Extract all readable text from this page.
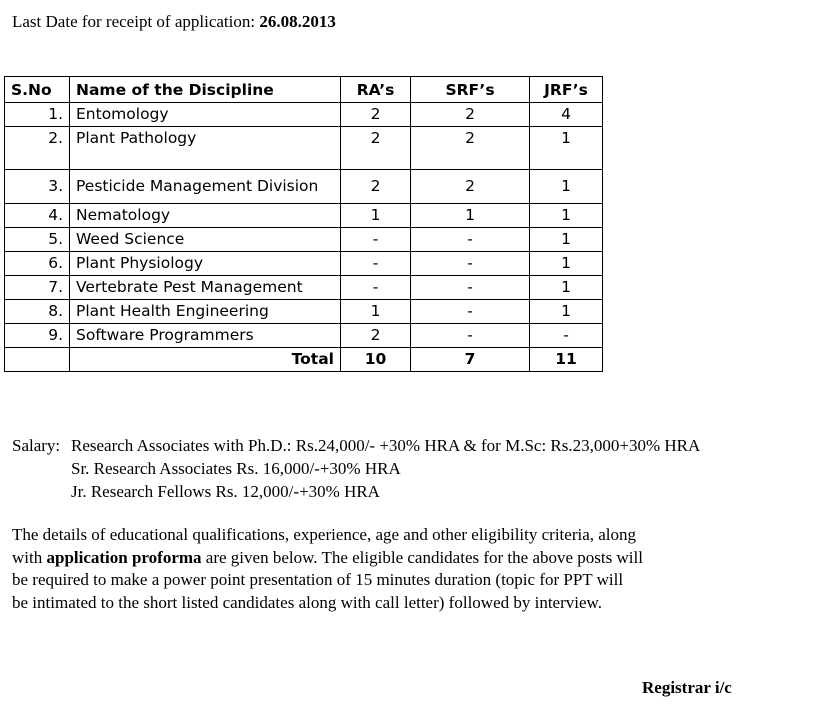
Last Date for receipt of application: 26.08.2013
S.No	Name of the Discipline	RA’s	SRF’s	JRF’s
1.	Entomology	2	2	4
2.	Plant Pathology	2	2	1
3.	Pesticide Management Division	2	2	1
4.	Nematology	1	1	1
5.	Weed Science	-	-	1
6.	Plant Physiology	-	-	1
7.	Vertebrate Pest Management	-	-	1
8.	Plant Health Engineering	1	-	1
9.	Software Programmers	2	-	-
	Total	10	7	11
Salary: Research Associates with Ph.D.: Rs.24,000/- +30% HRA & for M.Sc: Rs.23,000+30% HRA
Sr. Research Associates Rs. 16,000/-+30% HRA
Jr. Research Fellows Rs. 12,000/-+30% HRA

The details of educational qualifications, experience, age and other eligibility criteria, along

with application proforma are given below. The eligible candidates for the above posts will

be required to make a power point presentation of 15 minutes duration (topic for PPT will

be intimated to the short listed candidates along with call letter) followed by interview.

Registrar i/c
